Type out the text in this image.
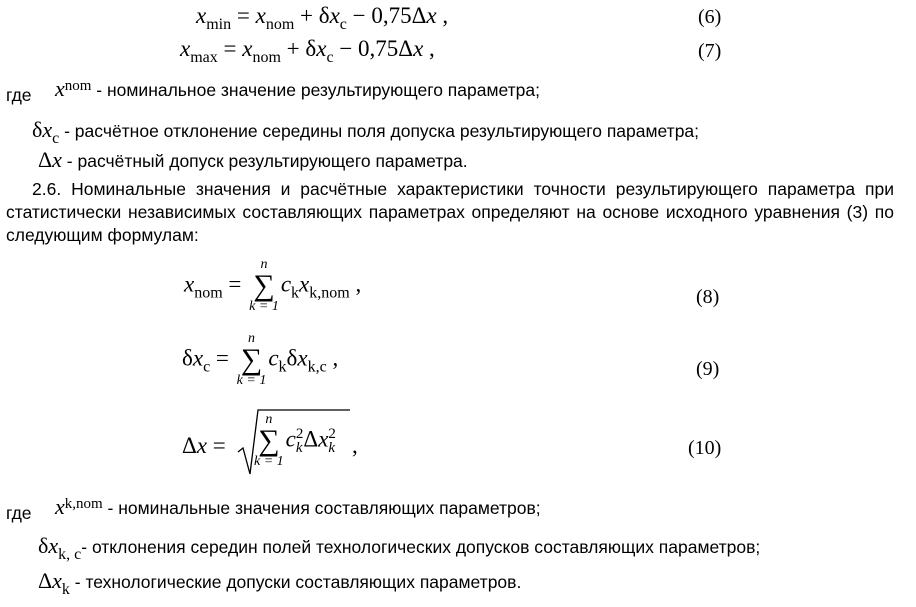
$x_{min} = x_{nom} + \delta x_c - 0,75\Delta x$ ,	(6)
$x_{max} = x_{nom} + \delta x_c - 0,75\Delta x$ ,	(7)
где xnom - номинальное значение результирующего параметра;
δxc - расчётное отклонение середины поля допуска результирующего параметра;
Δx - расчётный допуск результирующего параметра.
2.6. Номинальные значения и расчётные характеристики точности результирующего параметра при статистически независимых составляющих параметрах определяют на основе исходного уравнения (3) по следующим формулам:
$x_{nom}$ =
n
∑
k = 1
$c_kx_{k,nom}$ ,
(8)
$\delta x_c$ =
n
∑
k = 1
$c_k\delta x_{k,c}$ ,	(9)
Δx =
n
∑
k = 1
c 2
k Δx 2
k ,	(10)
где xk,nom - номинальные значения составляющих параметров;
δxk, c- отклонения середин полей технологических допусков составляющих параметров;
Δxk - технологические допуски составляющих параметров.
